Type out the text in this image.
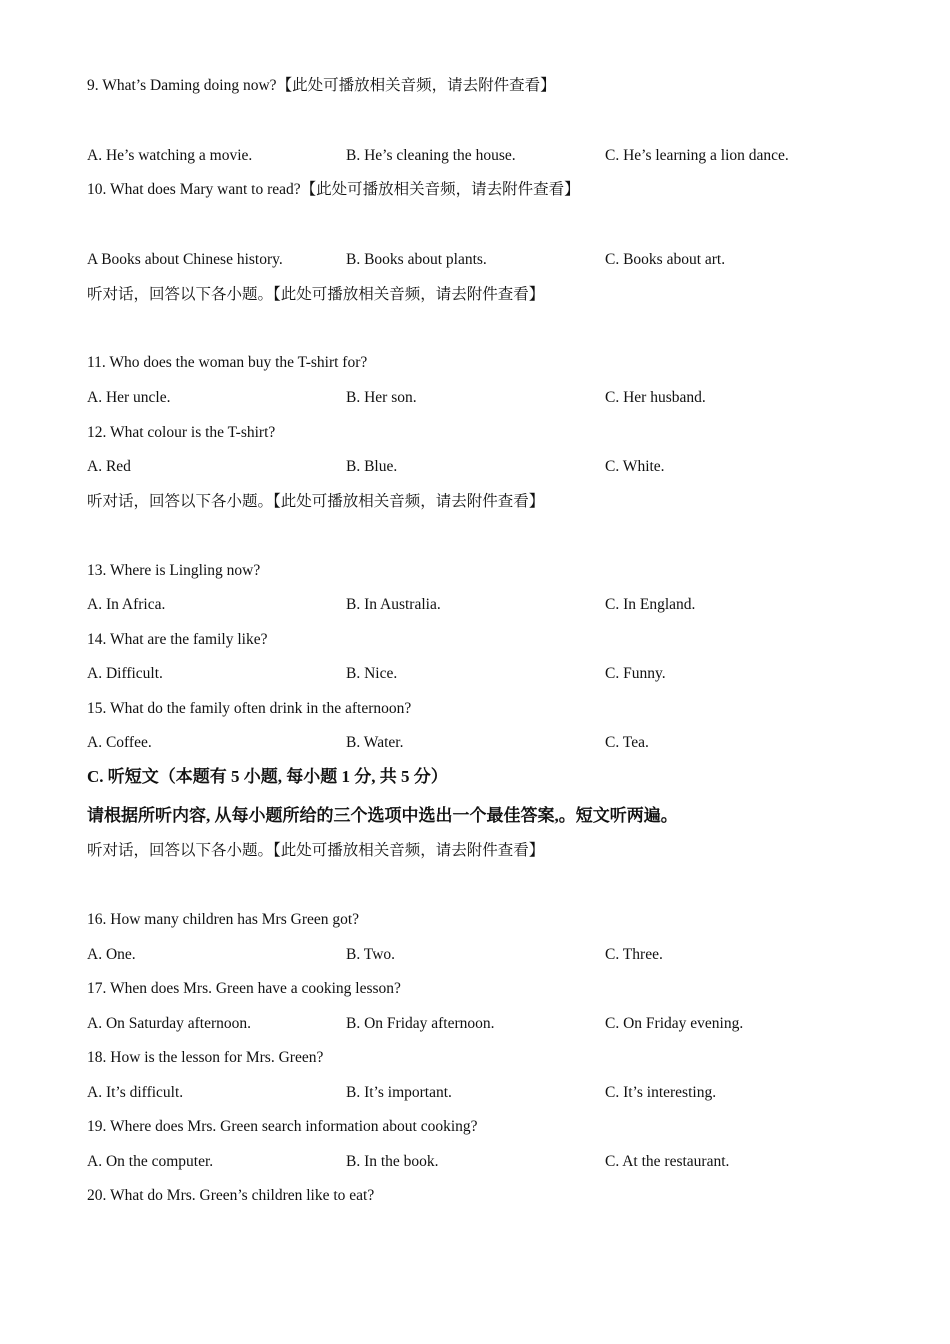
9. What’s Daming doing now?【此处可播放相关音频，请去附件查看】
A. He’s watching a movie.	B. He’s cleaning the house.	C. He’s learning a lion dance.
10. What does Mary want to read?【此处可播放相关音频，请去附件查看】
A Books about Chinese history.	B. Books about plants.	C. Books about art.
听对话，回答以下各小题。【此处可播放相关音频，请去附件查看】
11. Who does the woman buy the T-shirt for?
A. Her uncle.	B. Her son.	C. Her husband.
12. What colour is the T-shirt?
A. Red	B. Blue.	C. White.
听对话，回答以下各小题。【此处可播放相关音频，请去附件查看】
13. Where is Lingling now?
A. In Africa.	B. In Australia.	C. In England.
14. What are the family like?
A. Difficult.	B. Nice.	C. Funny.
15. What do the family often drink in the afternoon?
A. Coffee.	B. Water.	C. Tea.
C. 听短文（本题有 5 小题, 每小题 1 分, 共 5 分）
请根据所听内容, 从每小题所给的三个选项中选出一个最佳答案,。短文听两遍。
听对话，回答以下各小题。【此处可播放相关音频，请去附件查看】
16. How many children has Mrs Green got?
A. One.	B. Two.	C. Three.
17. When does Mrs. Green have a cooking lesson?
A. On Saturday afternoon.	B. On Friday afternoon.	C. On Friday evening.
18. How is the lesson for Mrs. Green?
A. It’s difficult.	B. It’s important.	C. It’s interesting.
19. Where does Mrs. Green search information about cooking?
A. On the computer.	B. In the book.	C. At the restaurant.
20. What do Mrs. Green’s children like to eat?
